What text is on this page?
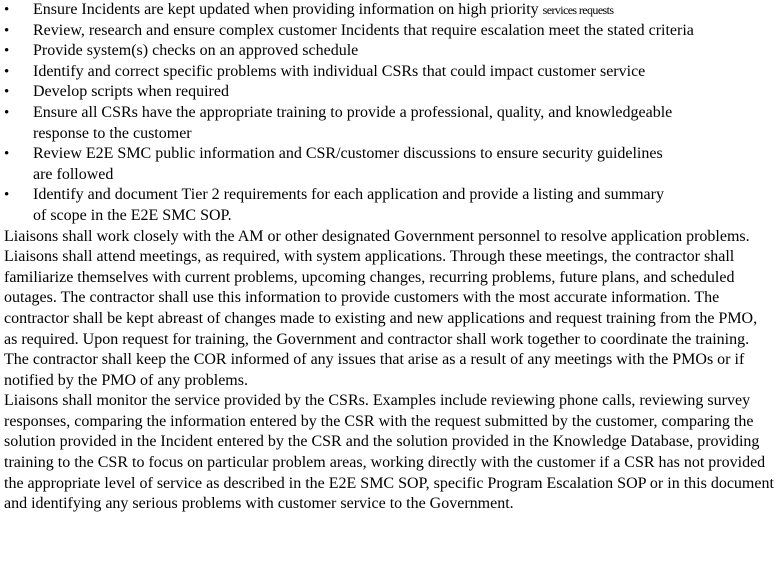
• Ensure Incidents are kept updated when providing information on high priority services requests
• Review, research and ensure complex customer Incidents that require escalation meet the stated criteria
• Provide system(s) checks on an approved schedule
• Identify and correct specific problems with individual CSRs that could impact customer service
• Develop scripts when required
• Ensure all CSRs have the appropriate training to provide a professional, quality, and knowledgeable
response to the customer
• Review E2E SMC public information and CSR/customer discussions to ensure security guidelines
are followed
• Identify and document Tier 2 requirements for each application and provide a listing and summary
of scope in the E2E SMC SOP.

Liaisons shall work closely with the AM or other designated Government personnel to resolve application problems. Liaisons shall attend meetings, as required, with system applications. Through these meetings, the contractor shall familiarize themselves with current problems, upcoming changes, recurring problems, future plans, and scheduled outages. The contractor shall use this information to provide customers with the most accurate information. The contractor shall be kept abreast of changes made to existing and new applications and request training from the PMO, as required. Upon request for training, the Government and contractor shall work together to coordinate the training. The contractor shall keep the COR informed of any issues that arise as a result of any meetings with the PMOs or if notified by the PMO of any problems.

Liaisons shall monitor the service provided by the CSRs. Examples include reviewing phone calls, reviewing survey responses, comparing the information entered by the CSR with the request submitted by the customer, comparing the solution provided in the Incident entered by the CSR and the solution provided in the Knowledge Database, providing training to the CSR to focus on particular problem areas, working directly with the customer if a CSR has not provided the appropriate level of service as described in the E2E SMC SOP, specific Program Escalation SOP or in this document and identifying any serious problems with customer service to the Government.
